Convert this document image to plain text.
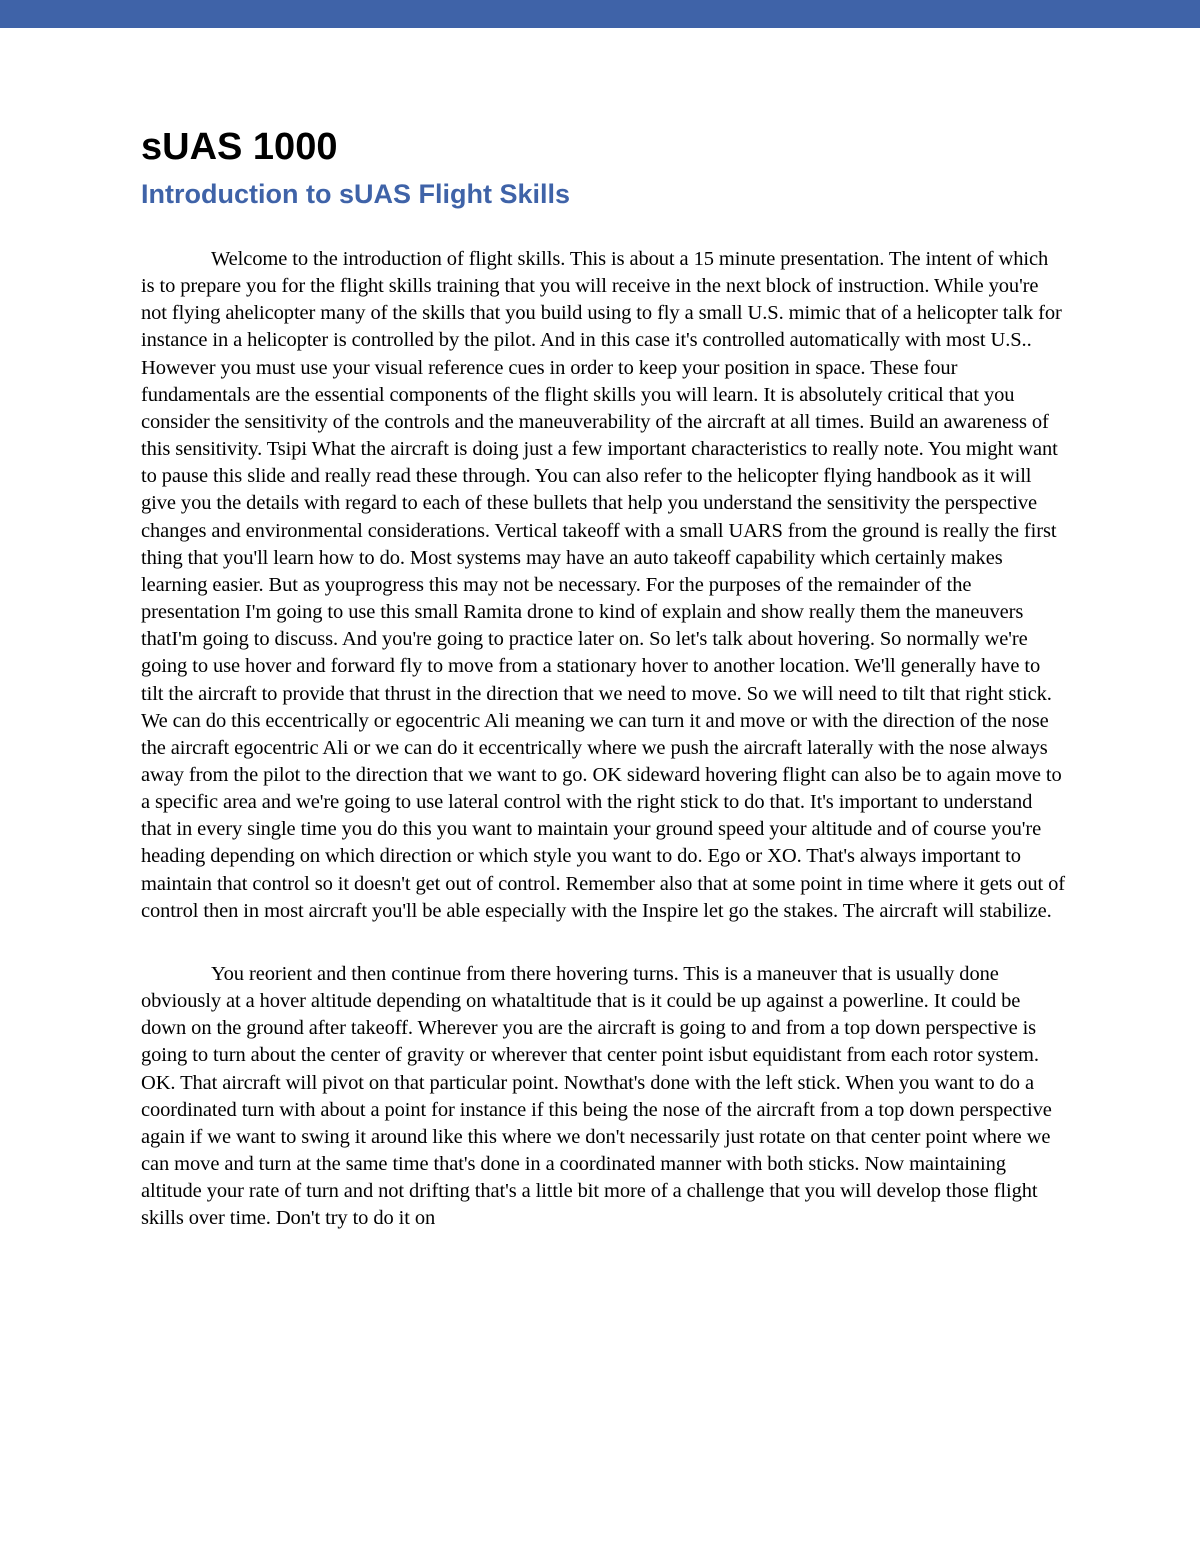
sUAS 1000
Introduction to sUAS Flight Skills

Welcome to the introduction of flight skills. This is about a 15 minute presentation. The intent of which is to prepare you for the flight skills training that you will receive in the next block of instruction. While you're not flying ahelicopter many of the skills that you build using to fly a small U.S. mimic that of a helicopter talk for instance in a helicopter is controlled by the pilot. And in this case it's controlled automatically with most U.S.. However you must use your visual reference cues in order to keep your position in space. These four fundamentals are the essential components of the flight skills you will learn. It is absolutely critical that you consider the sensitivity of the controls and the maneuverability of the aircraft at all times. Build an awareness of this sensitivity. Tsipi What the aircraft is doing just a few important characteristics to really note. You might want to pause this slide and really read these through. You can also refer to the helicopter flying handbook as it will give you the details with regard to each of these bullets that help you understand the sensitivity the perspective changes and environmental considerations. Vertical takeoff with a small UARS from the ground is really the first thing that you'll learn how to do. Most systems may have an auto takeoff capability which certainly makes learning easier. But as youprogress this may not be necessary. For the purposes of the remainder of the presentation I'm going to use this small Ramita drone to kind of explain and show really them the maneuvers thatI'm going to discuss. And you're going to practice later on. So let's talk about hovering. So normally we're going to use hover and forward fly to move from a stationary hover to another location. We'll generally have to tilt the aircraft to provide that thrust in the direction that we need to move. So we will need to tilt that right stick. We can do this eccentrically or egocentric Ali meaning we can turn it and move or with the direction of the nose the aircraft egocentric Ali or we can do it eccentrically where we push the aircraft laterally with the nose always away from the pilot to the direction that we want to go. OK sideward hovering flight can also be to again move to a specific area and we're going to use lateral control with the right stick to do that. It's important to understand that in every single time you do this you want to maintain your ground speed your altitude and of course you're heading depending on which direction or which style you want to do. Ego or XO. That's always important to maintain that control so it doesn't get out of control. Remember also that at some point in time where it gets out of control then in most aircraft you'll be able especially with the Inspire let go the stakes. The aircraft will stabilize.

You reorient and then continue from there hovering turns. This is a maneuver that is usually done obviously at a hover altitude depending on whataltitude that is it could be up against a powerline. It could be down on the ground after takeoff. Wherever you are the aircraft is going to and from a top down perspective is going to turn about the center of gravity or wherever that center point isbut equidistant from each rotor system. OK. That aircraft will pivot on that particular point. Nowthat's done with the left stick. When you want to do a coordinated turn with about a point for instance if this being the nose of the aircraft from a top down perspective again if we want to swing it around like this where we don't necessarily just rotate on that center point where we can move and turn at the same time that's done in a coordinated manner with both sticks. Now maintaining altitude your rate of turn and not drifting that's a little bit more of a challenge that you will develop those flight skills over time. Don't try to do it on
